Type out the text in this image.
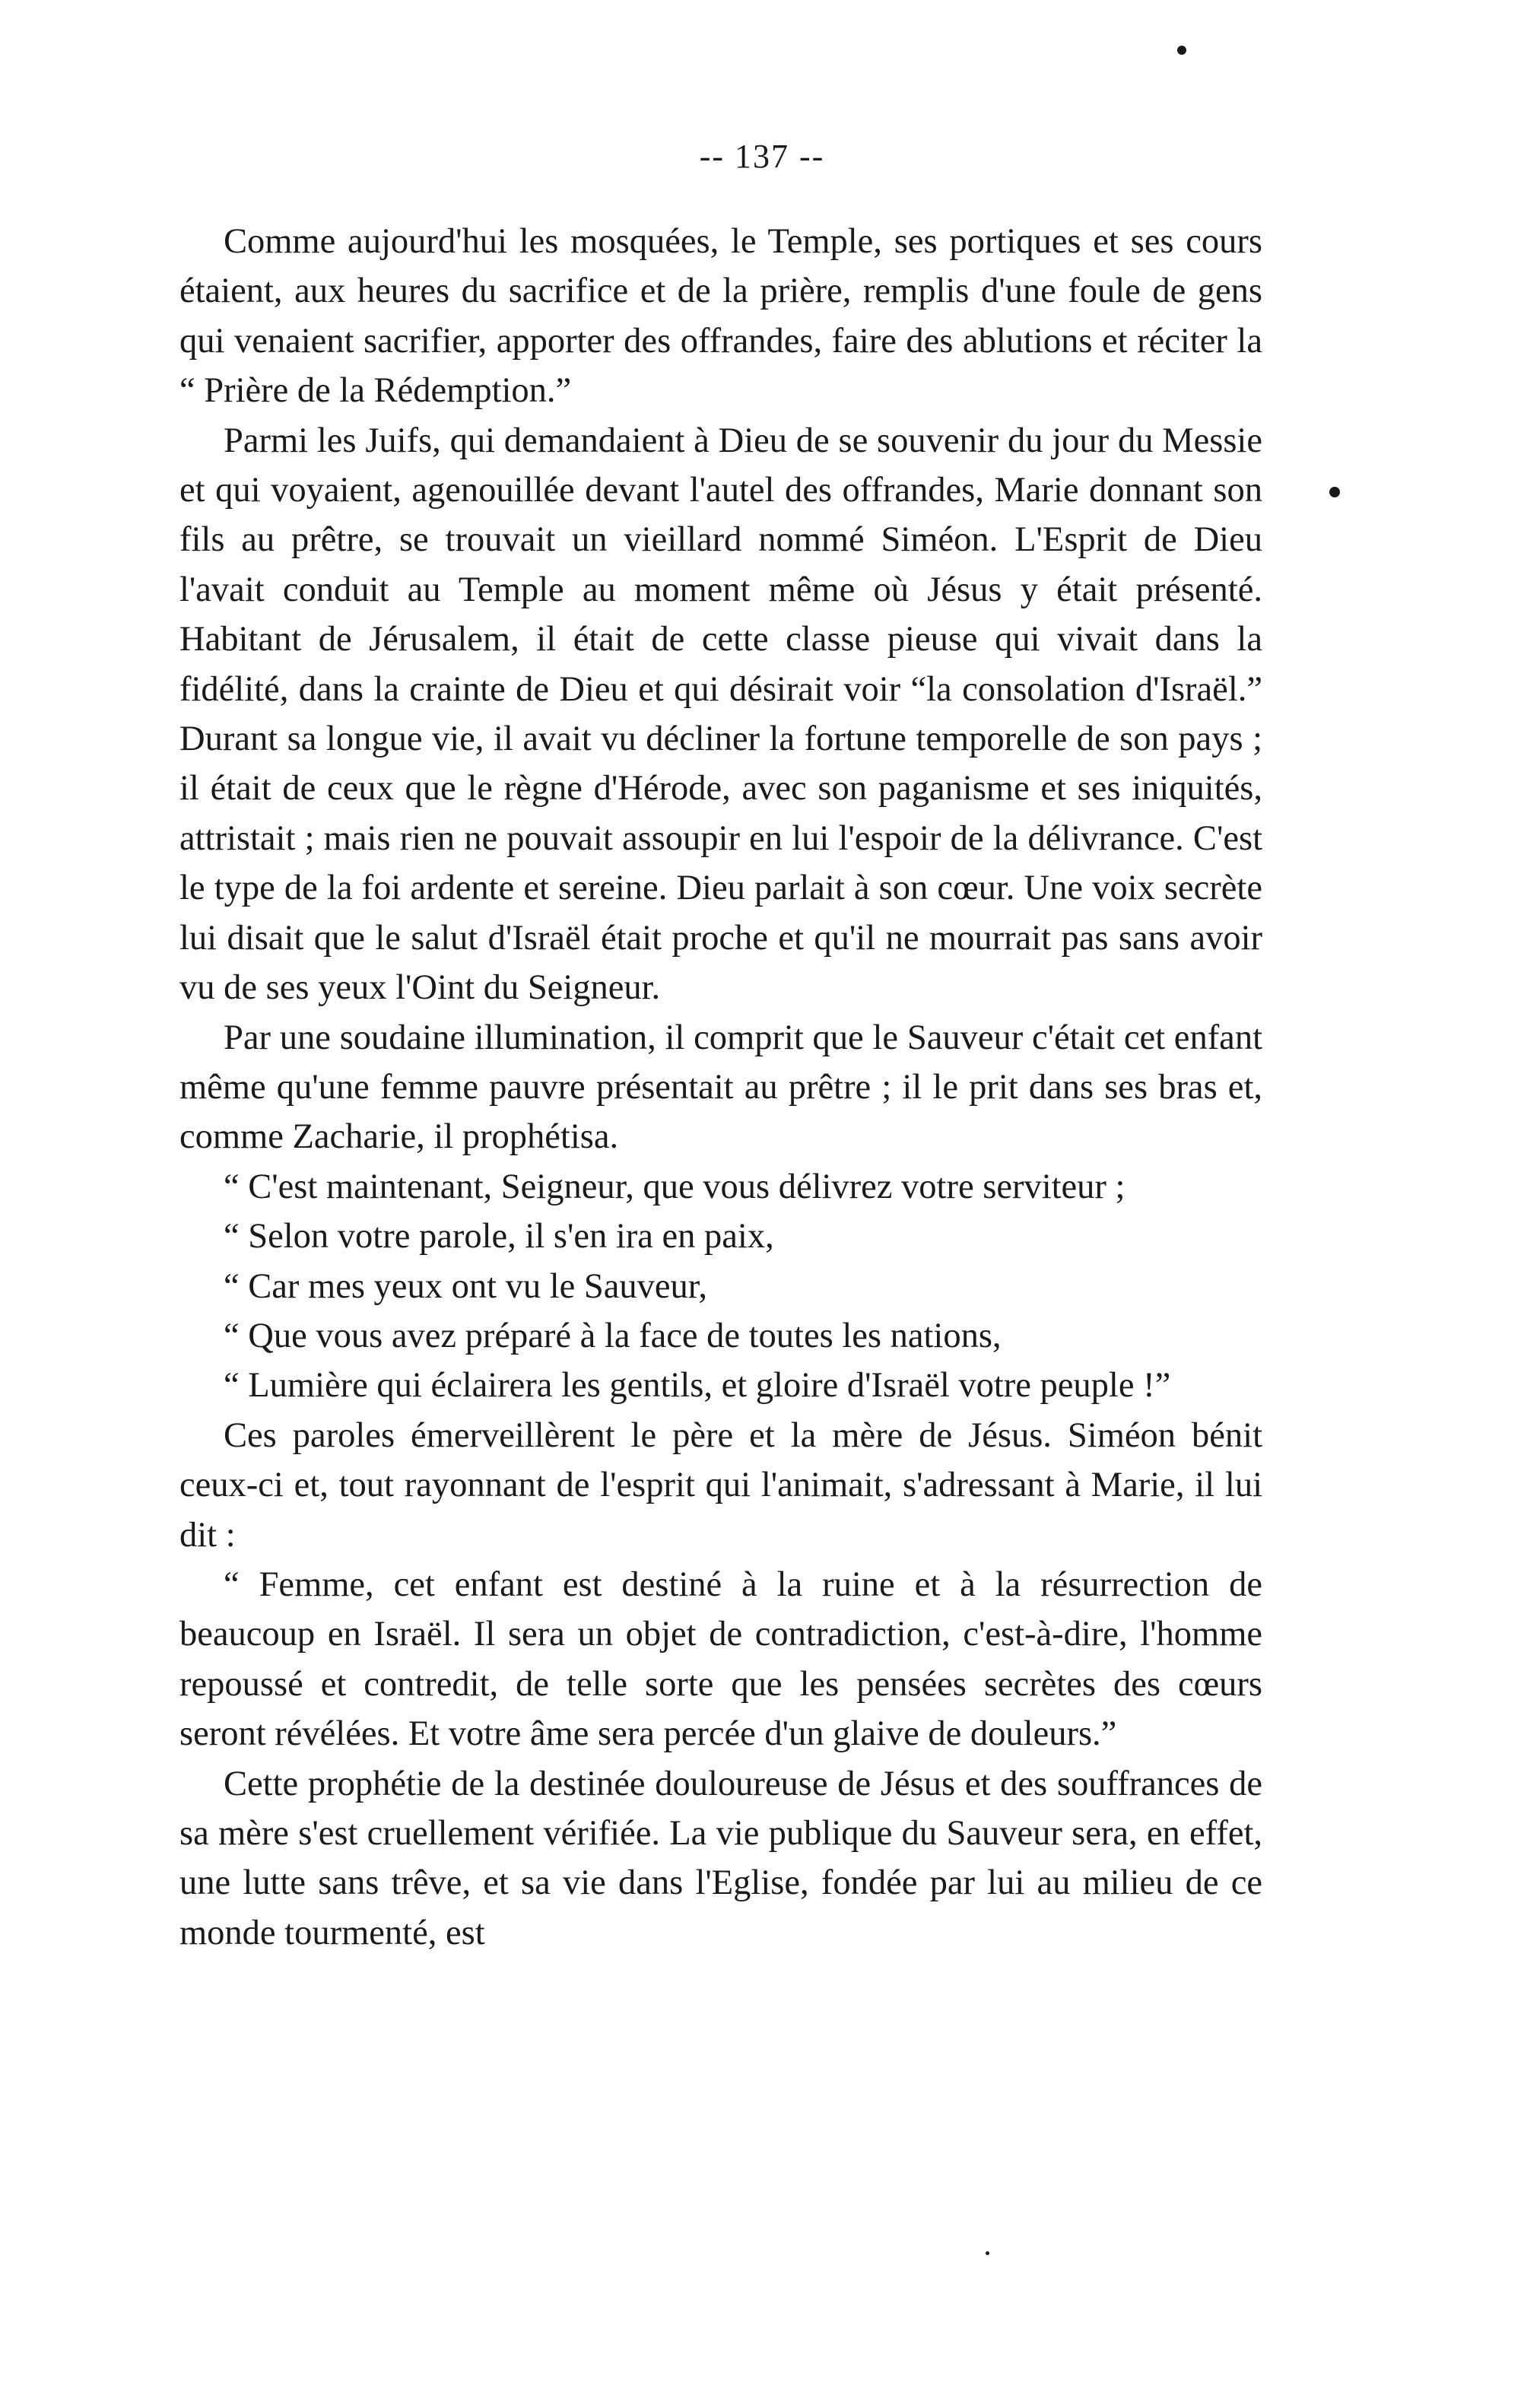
-- 137 --

Comme aujourd'hui les mosquées, le Temple, ses portiques et ses cours étaient, aux heures du sacrifice et de la prière, remplis d'une foule de gens qui venaient sacrifier, apporter des offrandes, faire des ablutions et réciter la “ Prière de la Rédemption.”

Parmi les Juifs, qui demandaient à Dieu de se souvenir du jour du Messie et qui voyaient, agenouillée devant l'autel des offrandes, Marie donnant son fils au prêtre, se trouvait un vieillard nommé Siméon. L'Esprit de Dieu l'avait conduit au Temple au moment même où Jésus y était présenté. Habitant de Jérusalem, il était de cette classe pieuse qui vivait dans la fidélité, dans la crainte de Dieu et qui désirait voir “la consolation d'Israël.” Durant sa longue vie, il avait vu décliner la fortune temporelle de son pays ; il était de ceux que le règne d'Hérode, avec son paganisme et ses iniquités, attristait ; mais rien ne pouvait assoupir en lui l'espoir de la délivrance. C'est le type de la foi ardente et sereine. Dieu parlait à son cœur. Une voix secrète lui disait que le salut d'Israël était proche et qu'il ne mourrait pas sans avoir vu de ses yeux l'Oint du Seigneur.

Par une soudaine illumination, il comprit que le Sauveur c'était cet enfant même qu'une femme pauvre présentait au prêtre ; il le prit dans ses bras et, comme Zacharie, il prophétisa.

“ C'est maintenant, Seigneur, que vous délivrez votre serviteur ;

“ Selon votre parole, il s'en ira en paix,

“ Car mes yeux ont vu le Sauveur,

“ Que vous avez préparé à la face de toutes les nations,

“ Lumière qui éclairera les gentils, et gloire d'Israël votre peuple !”

Ces paroles émerveillèrent le père et la mère de Jésus. Siméon bénit ceux-ci et, tout rayonnant de l'esprit qui l'animait, s'adressant à Marie, il lui dit :

“ Femme, cet enfant est destiné à la ruine et à la résurrection de beaucoup en Israël. Il sera un objet de contradiction, c'est-à-dire, l'homme repoussé et contredit, de telle sorte que les pensées secrètes des cœurs seront révélées. Et votre âme sera percée d'un glaive de douleurs.”

Cette prophétie de la destinée douloureuse de Jésus et des souffrances de sa mère s'est cruellement vérifiée. La vie publique du Sauveur sera, en effet, une lutte sans trêve, et sa vie dans l'Eglise, fondée par lui au milieu de ce monde tourmenté, est
